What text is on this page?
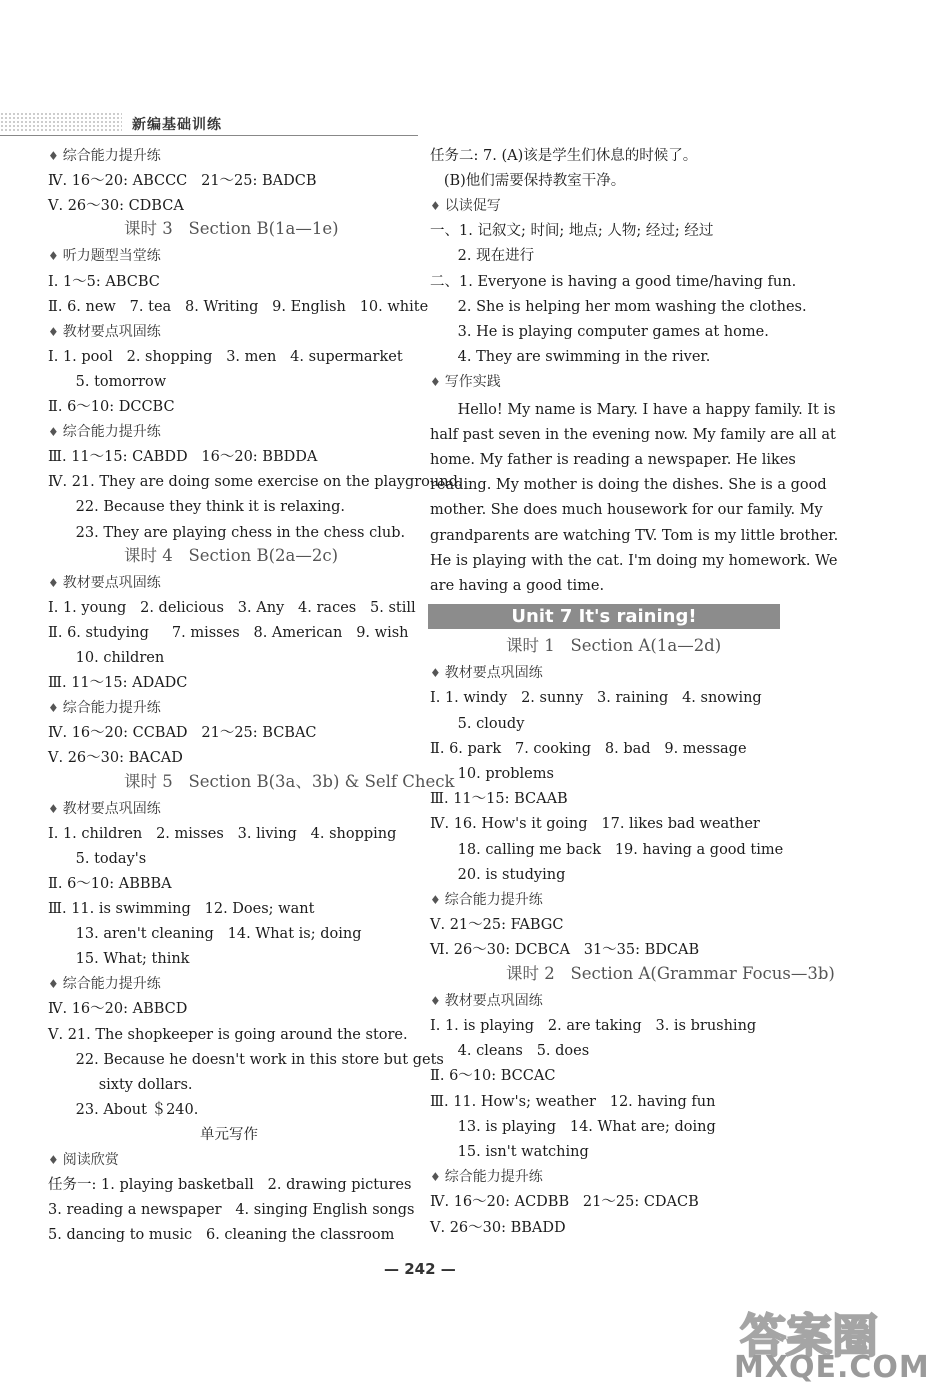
新编基础训练
♦ 综合能力提升练
Ⅳ. 16～20: ABCCC   21～25: BADCB
Ⅴ. 26～30: CDBCA
课时 3   Section B(1a—1e)
♦ 听力题型当堂练
Ⅰ. 1～5: ABCBC
Ⅱ. 6. new   7. tea   8. Writing   9. English   10. white
♦ 教材要点巩固练
Ⅰ. 1. pool   2. shopping   3. men   4. supermarket
5. tomorrow
Ⅱ. 6～10: DCCBC
♦ 综合能力提升练
Ⅲ. 11～15: CABDD   16～20: BBDDA
Ⅳ. 21. They are doing some exercise on the playground.
22. Because they think it is relaxing.
23. They are playing chess in the chess club.
课时 4   Section B(2a—2c)
♦ 教材要点巩固练
Ⅰ. 1. young   2. delicious   3. Any   4. races   5. still
Ⅱ. 6. studying     7. misses   8. American   9. wish
10. children
Ⅲ. 11～15: ADADC
♦ 综合能力提升练
Ⅳ. 16～20: CCBAD   21～25: BCBAC
Ⅴ. 26～30: BACAD
课时 5   Section B(3a、3b) & Self Check
♦ 教材要点巩固练
Ⅰ. 1. children   2. misses   3. living   4. shopping
5. today's
Ⅱ. 6～10: ABBBA
Ⅲ. 11. is swimming   12. Does; want
13. aren't cleaning   14. What is; doing
15. What; think
♦ 综合能力提升练
Ⅳ. 16～20: ABBCD
Ⅴ. 21. The shopkeeper is going around the store.
22. Because he doesn't work in this store but gets
sixty dollars.
23. About ＄240.
单元写作
♦ 阅读欣赏
任务一: 1. playing basketball   2. drawing pictures
3. reading a newspaper   4. singing English songs
5. dancing to music   6. cleaning the classroom
任务二: 7. (A)该是学生们休息的时候了。
(B)他们需要保持教室干净。
♦ 以读促写
一、1. 记叙文; 时间; 地点; 人物; 经过; 经过
2. 现在进行
二、1. Everyone is having a good time/having fun.
2. She is helping her mom washing the clothes.
3. He is playing computer games at home.
4. They are swimming in the river.
♦ 写作实践
Hello! My name is Mary. I have a happy family. It is
half past seven in the evening now. My family are all at
home. My father is reading a newspaper. He likes
reading. My mother is doing the dishes. She is a good
mother. She does much housework for our family. My
grandparents are watching TV. Tom is my little brother.
He is playing with the cat. I'm doing my homework. We
are having a good time.
Unit 7 It's raining!
课时 1   Section A(1a—2d)
♦ 教材要点巩固练
Ⅰ. 1. windy   2. sunny   3. raining   4. snowing
5. cloudy
Ⅱ. 6. park   7. cooking   8. bad   9. message
10. problems
Ⅲ. 11～15: BCAAB
Ⅳ. 16. How's it going   17. likes bad weather
18. calling me back   19. having a good time
20. is studying
♦ 综合能力提升练
Ⅴ. 21～25: FABGC
Ⅵ. 26～30: DCBCA   31～35: BDCAB
课时 2   Section A(Grammar Focus—3b)
♦ 教材要点巩固练
Ⅰ. 1. is playing   2. are taking   3. is brushing
4. cleans   5. does
Ⅱ. 6～10: BCCAC
Ⅲ. 11. How's; weather   12. having fun
13. is playing   14. What are; doing
15. isn't watching
♦ 综合能力提升练
Ⅳ. 16～20: ACDBB   21～25: CDACB
Ⅴ. 26～30: BBADD
— 242 —
答案圈
MXQE.COM
